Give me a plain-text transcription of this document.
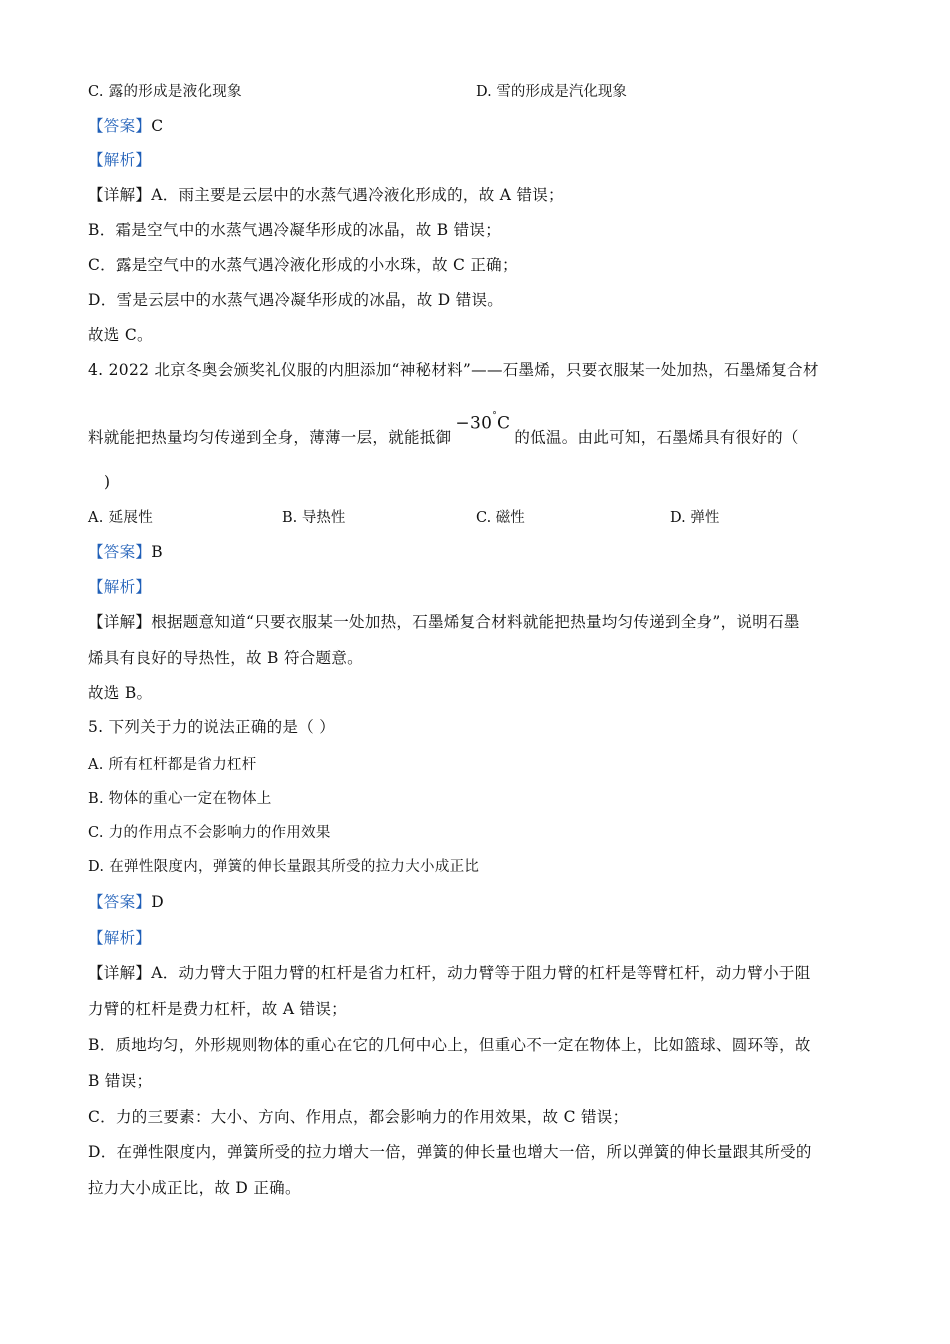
C. 露的形成是液化现象	D. 雪的形成是汽化现象
【答案】C
【解析】
【详解】A．雨主要是云层中的水蒸气遇冷液化形成的，故 A 错误；
B．霜是空气中的水蒸气遇冷凝华形成的冰晶，故 B 错误；
C．露是空气中的水蒸气遇冷液化形成的小水珠，故 C 正确；
D．雪是云层中的水蒸气遇冷凝华形成的冰晶，故 D 错误。
故选 C。
4. 2022 北京冬奥会颁奖礼仪服的内胆添加“神秘材料”——石墨烯，只要衣服某一处加热，石墨烯复合材
料就能把热量均匀传递到全身，薄薄一层，就能抵御−30°C的低温。由此可知，石墨烯具有很好的（
)
A. 延展性	B. 导热性	C. 磁性	D. 弹性
【答案】B
【解析】
【详解】根据题意知道“只要衣服某一处加热，石墨烯复合材料就能把热量均匀传递到全身”，说明石墨
烯具有良好的导热性，故 B 符合题意。
故选 B。
5. 下列关于力的说法正确的是（ ）
A. 所有杠杆都是省力杠杆
B. 物体的重心一定在物体上
C. 力的作用点不会影响力的作用效果
D. 在弹性限度内，弹簧的伸长量跟其所受的拉力大小成正比
【答案】D
【解析】
【详解】A．动力臂大于阻力臂的杠杆是省力杠杆，动力臂等于阻力臂的杠杆是等臂杠杆，动力臂小于阻
力臂的杠杆是费力杠杆，故 A 错误；
B．质地均匀，外形规则物体的重心在它的几何中心上，但重心不一定在物体上，比如篮球、圆环等，故
B 错误；
C．力的三要素：大小、方向、作用点，都会影响力的作用效果，故 C 错误；
D．在弹性限度内，弹簧所受的拉力增大一倍，弹簧的伸长量也增大一倍，所以弹簧的伸长量跟其所受的
拉力大小成正比，故 D 正确。
